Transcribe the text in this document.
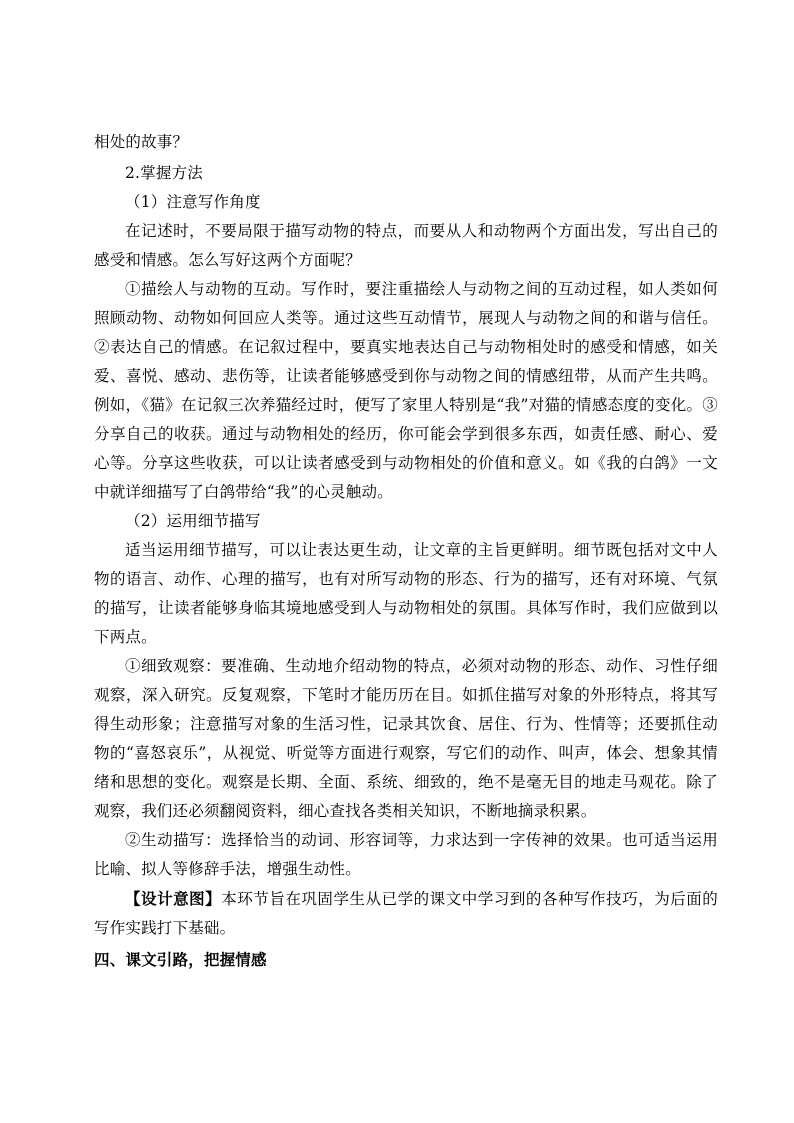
相处的故事？

2.掌握方法

（1）注意写作角度

在记述时，不要局限于描写动物的特点，而要从人和动物两个方面出发，写出自己的感受和情感。怎么写好这两个方面呢？

①描绘人与动物的互动。写作时，要注重描绘人与动物之间的互动过程，如人类如何照顾动物、动物如何回应人类等。通过这些互动情节，展现人与动物之间的和谐与信任。②表达自己的情感。在记叙过程中，要真实地表达自己与动物相处时的感受和情感，如关爱、喜悦、感动、悲伤等，让读者能够感受到你与动物之间的情感纽带，从而产生共鸣。例如，《猫》在记叙三次养猫经过时，便写了家里人特别是“我”对猫的情感态度的变化。③分享自己的收获。通过与动物相处的经历，你可能会学到很多东西，如责任感、耐心、爱心等。分享这些收获，可以让读者感受到与动物相处的价值和意义。如《我的白鸽》一文中就详细描写了白鸽带给“我”的心灵触动。

（2）运用细节描写

适当运用细节描写，可以让表达更生动，让文章的主旨更鲜明。细节既包括对文中人物的语言、动作、心理的描写，也有对所写动物的形态、行为的描写，还有对环境、气氛的描写，让读者能够身临其境地感受到人与动物相处的氛围。具体写作时，我们应做到以下两点。

①细致观察：要准确、生动地介绍动物的特点，必须对动物的形态、动作、习性仔细观察，深入研究。反复观察，下笔时才能历历在目。如抓住描写对象的外形特点，将其写得生动形象；注意描写对象的生活习性，记录其饮食、居住、行为、性情等；还要抓住动物的“喜怒哀乐”，从视觉、听觉等方面进行观察，写它们的动作、叫声，体会、想象其情绪和思想的变化。观察是长期、全面、系统、细致的，绝不是毫无目的地走马观花。除了观察，我们还必须翻阅资料，细心查找各类相关知识，不断地摘录积累。

②生动描写：选择恰当的动词、形容词等，力求达到一字传神的效果。也可适当运用比喻、拟人等修辞手法，增强生动性。

【设计意图】本环节旨在巩固学生从已学的课文中学习到的各种写作技巧，为后面的写作实践打下基础。

四、课文引路，把握情感
